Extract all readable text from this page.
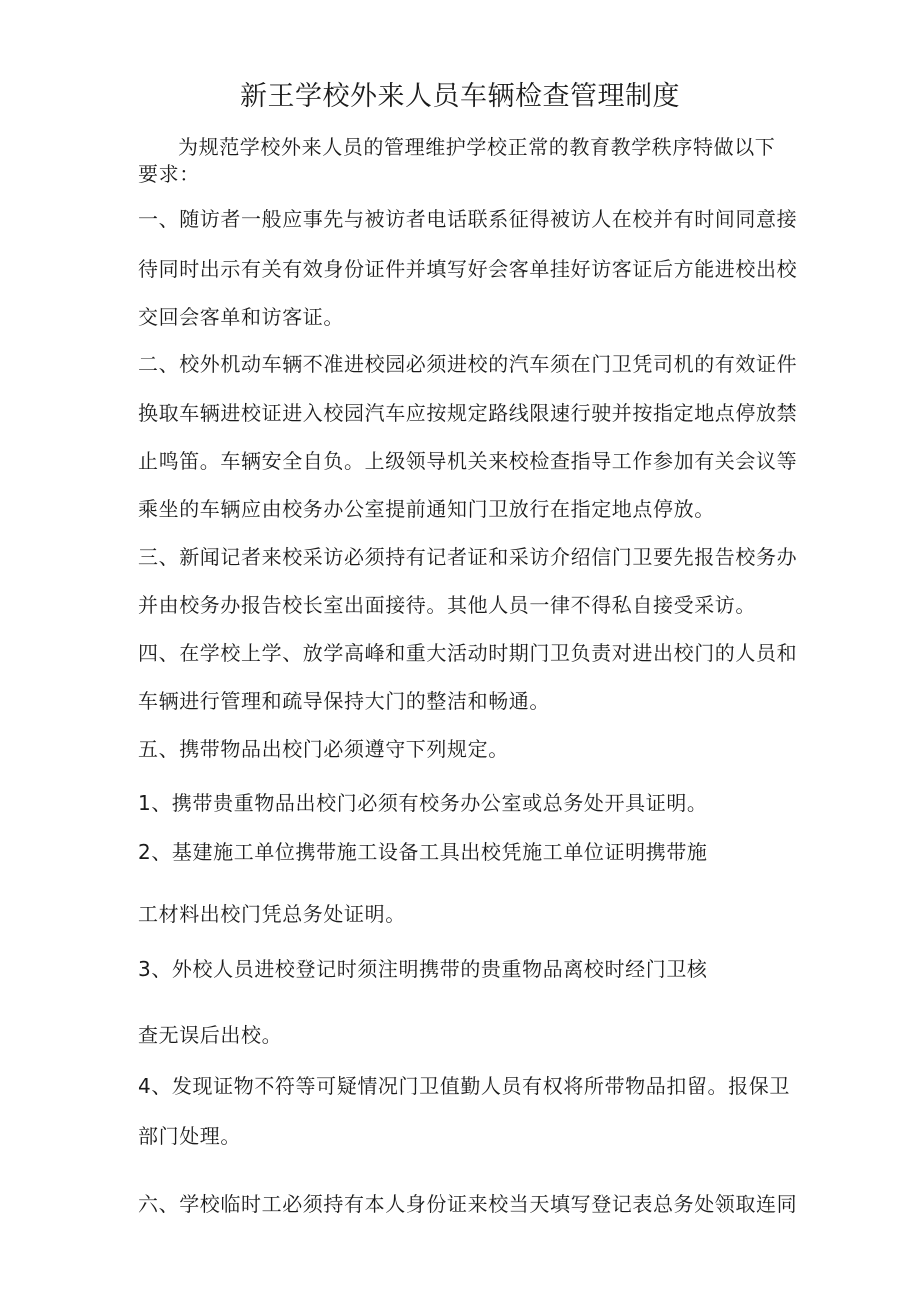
新王学校外来人员车辆检查管理制度
为规范学校外来人员的管理维护学校正常的教育教学秩序特做以下
要求：
一、随访者一般应事先与被访者电话联系征得被访人在校并有时间同意接
待同时出示有关有效身份证件并填写好会客单挂好访客证后方能进校出校
交回会客单和访客证。
二、校外机动车辆不准进校园必须进校的汽车须在门卫凭司机的有效证件
换取车辆进校证进入校园汽车应按规定路线限速行驶并按指定地点停放禁
止鸣笛。车辆安全自负。上级领导机关来校检查指导工作参加有关会议等
乘坐的车辆应由校务办公室提前通知门卫放行在指定地点停放。
三、新闻记者来校采访必须持有记者证和采访介绍信门卫要先报告校务办
并由校务办报告校长室出面接待。其他人员一律不得私自接受采访。
四、在学校上学、放学高峰和重大活动时期门卫负责对进出校门的人员和
车辆进行管理和疏导保持大门的整洁和畅通。
五、携带物品出校门必须遵守下列规定。
1、携带贵重物品出校门必须有校务办公室或总务处开具证明。
2、基建施工单位携带施工设备工具出校凭施工单位证明携带施
工材料出校门凭总务处证明。
3、外校人员进校登记时须注明携带的贵重物品离校时经门卫核
查无误后出校。
4、发现证物不符等可疑情况门卫值勤人员有权将所带物品扣留。报保卫
部门处理。
六、学校临时工必须持有本人身份证来校当天填写登记表总务处领取连同
